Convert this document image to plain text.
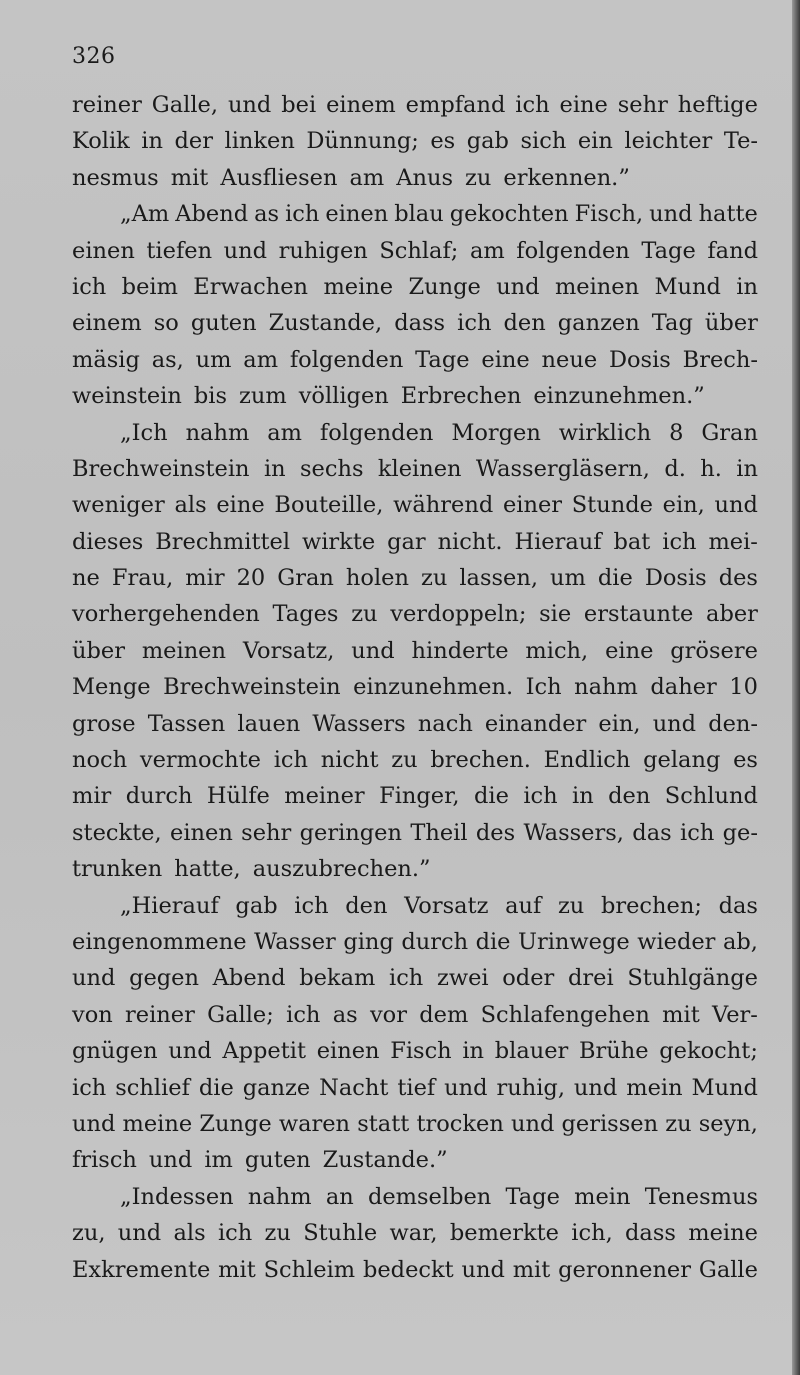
326
reiner Galle, und bei einem empfand ich eine sehr heftige
Kolik in der linken Dünnung; es gab sich ein leichter Te-
nesmus mit Ausfliesen am Anus zu erkennen.”
„Am Abend as ich einen blau gekochten Fisch, und hatte
einen tiefen und ruhigen Schlaf; am folgenden Tage fand
ich beim Erwachen meine Zunge und meinen Mund in
einem so guten Zustande, dass ich den ganzen Tag über
mäsig as, um am folgenden Tage eine neue Dosis Brech-
weinstein bis zum völligen Erbrechen einzunehmen.”
„Ich nahm am folgenden Morgen wirklich 8 Gran
Brechweinstein in sechs kleinen Wassergläsern, d. h. in
weniger als eine Bouteille, während einer Stunde ein, und
dieses Brechmittel wirkte gar nicht. Hierauf bat ich mei-
ne Frau, mir 20 Gran holen zu lassen, um die Dosis des
vorhergehenden Tages zu verdoppeln; sie erstaunte aber
über meinen Vorsatz, und hinderte mich, eine grösere
Menge Brechweinstein einzunehmen. Ich nahm daher 10
grose Tassen lauen Wassers nach einander ein, und den-
noch vermochte ich nicht zu brechen. Endlich gelang es
mir durch Hülfe meiner Finger, die ich in den Schlund
steckte, einen sehr geringen Theil des Wassers, das ich ge-
trunken hatte, auszubrechen.”
„Hierauf gab ich den Vorsatz auf zu brechen; das
eingenommene Wasser ging durch die Urinwege wieder ab,
und gegen Abend bekam ich zwei oder drei Stuhlgänge
von reiner Galle; ich as vor dem Schlafengehen mit Ver-
gnügen und Appetit einen Fisch in blauer Brühe gekocht;
ich schlief die ganze Nacht tief und ruhig, und mein Mund
und meine Zunge waren statt trocken und gerissen zu seyn,
frisch und im guten Zustande.”
„Indessen nahm an demselben Tage mein Tenesmus
zu, und als ich zu Stuhle war, bemerkte ich, dass meine
Exkremente mit Schleim bedeckt und mit geronnener Galle
